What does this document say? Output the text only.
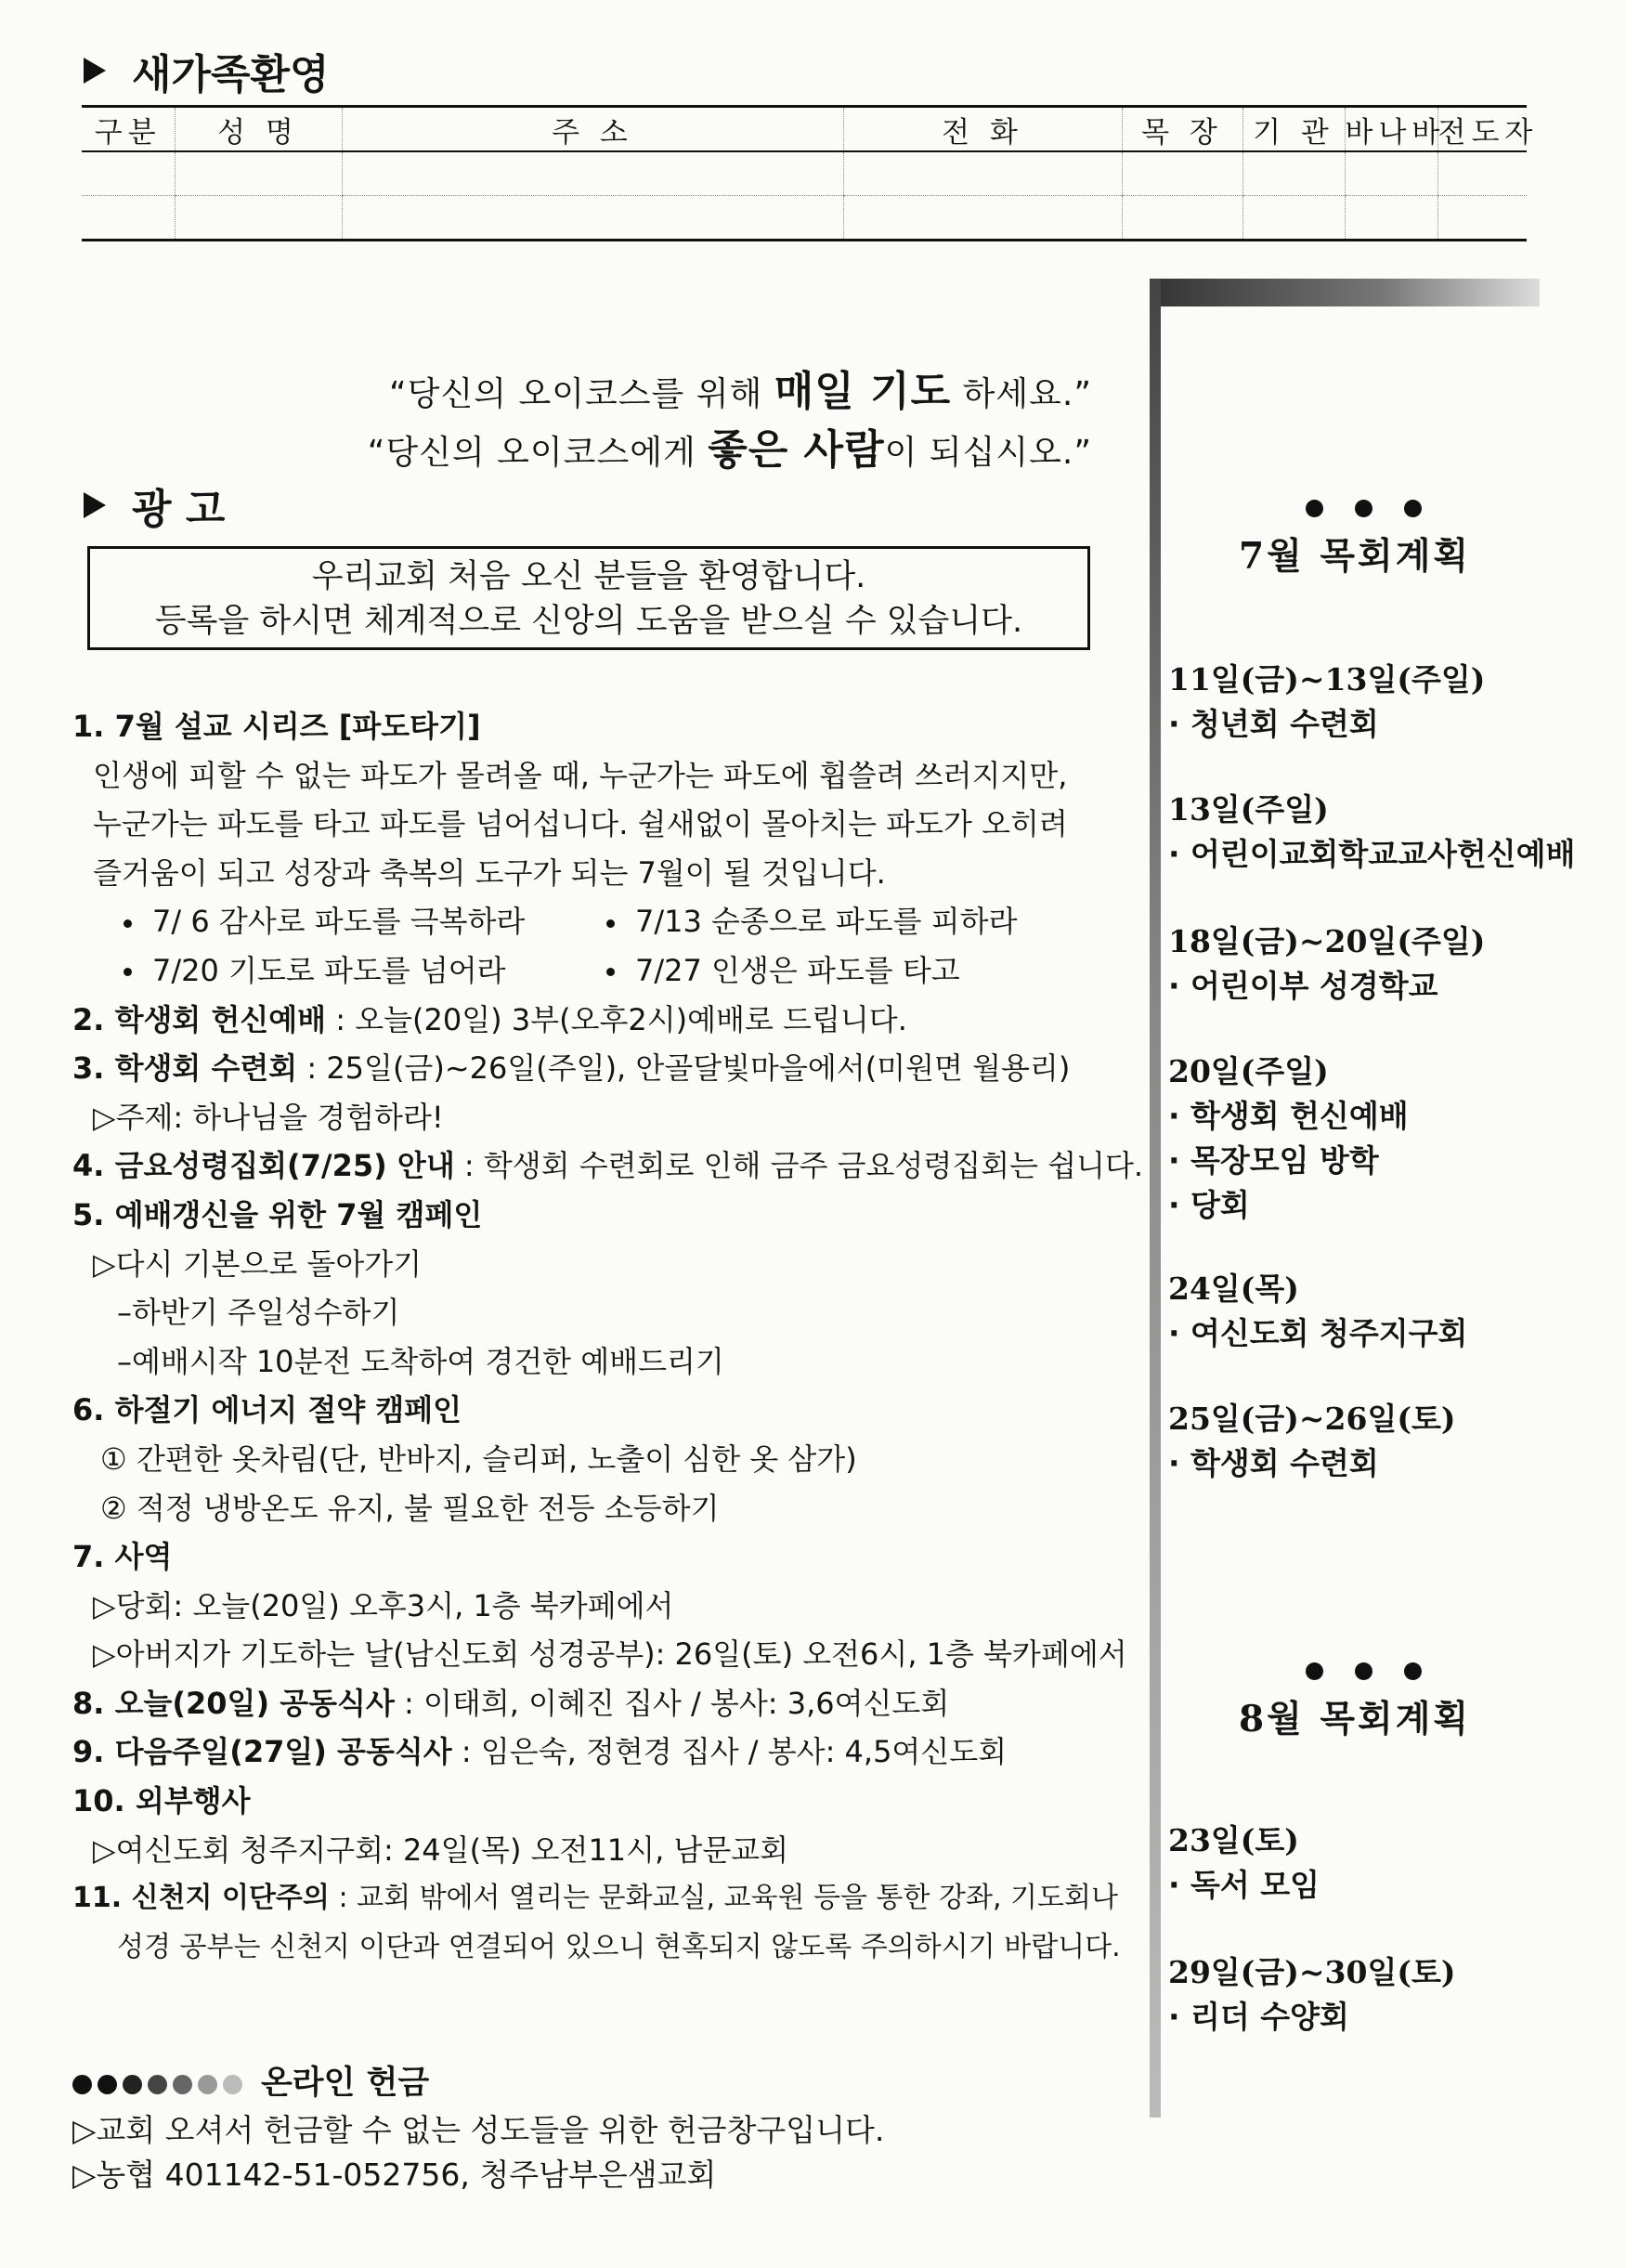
새가족환영
구분	성 명	주 소	전 화	목 장	기 관	바나바	전도자

“당신의 오이코스를 위해 매일 기도 하세요.”
“당신의 오이코스에게 좋은 사람이 되십시오.”
광 고
우리교회 처음 오신 분들을 환영합니다.
등록을 하시면 체계적으로 신앙의 도움을 받으실 수 있습니다.
1. 7월 설교 시리즈 [파도타기]
인생에 피할 수 없는 파도가 몰려올 때, 누군가는 파도에 휩쓸려 쓰러지지만,
누군가는 파도를 타고 파도를 넘어섭니다. 쉴새없이 몰아치는 파도가 오히려
즐거움이 되고 성장과 축복의 도구가 되는 7월이 될 것입니다.
7/ 6 감사로 파도를 극복하라	7/13 순종으로 파도를 피하라
7/20 기도로 파도를 넘어라	7/27 인생은 파도를 타고
2. 학생회 헌신예배 : 오늘(20일) 3부(오후2시)예배로 드립니다.
3. 학생회 수련회 : 25일(금)~26일(주일), 안골달빛마을에서(미원면 월용리)
▷주제: 하나님을 경험하라!
4. 금요성령집회(7/25) 안내 : 학생회 수련회로 인해 금주 금요성령집회는 쉽니다.
5. 예배갱신을 위한 7월 캠페인
▷다시 기본으로 돌아가기
–하반기 주일성수하기
–예배시작 10분전 도착하여 경건한 예배드리기
6. 하절기 에너지 절약 캠페인
① 간편한 옷차림(단, 반바지, 슬리퍼, 노출이 심한 옷 삼가)
② 적정 냉방온도 유지, 불 필요한 전등 소등하기
7. 사역
▷당회: 오늘(20일) 오후3시, 1층 북카페에서
▷아버지가 기도하는 날(남신도회 성경공부): 26일(토) 오전6시, 1층 북카페에서
8. 오늘(20일) 공동식사 : 이태희, 이혜진 집사 / 봉사: 3,6여신도회
9. 다음주일(27일) 공동식사 : 임은숙, 정현경 집사 / 봉사: 4,5여신도회
10. 외부행사
▷여신도회 청주지구회: 24일(목) 오전11시, 남문교회
11. 신천지 이단주의 : 교회 밖에서 열리는 문화교실, 교육원 등을 통한 강좌, 기도회나
성경 공부는 신천지 이단과 연결되어 있으니 현혹되지 않도록 주의하시기 바랍니다.
7월 목회계획
11일(금)~13일(주일)
· 청년회 수련회
13일(주일)
· 어린이교회학교교사헌신예배
18일(금)~20일(주일)
· 어린이부 성경학교
20일(주일)
· 학생회 헌신예배
· 목장모임 방학
· 당회
24일(목)
· 여신도회 청주지구회
25일(금)~26일(토)
· 학생회 수련회
8월 목회계획
23일(토)
· 독서 모임
29일(금)~30일(토)
· 리더 수양회
온라인 헌금
▷교회 오셔서 헌금할 수 없는 성도들을 위한 헌금창구입니다.
▷농협 401142-51-052756, 청주남부은샘교회
